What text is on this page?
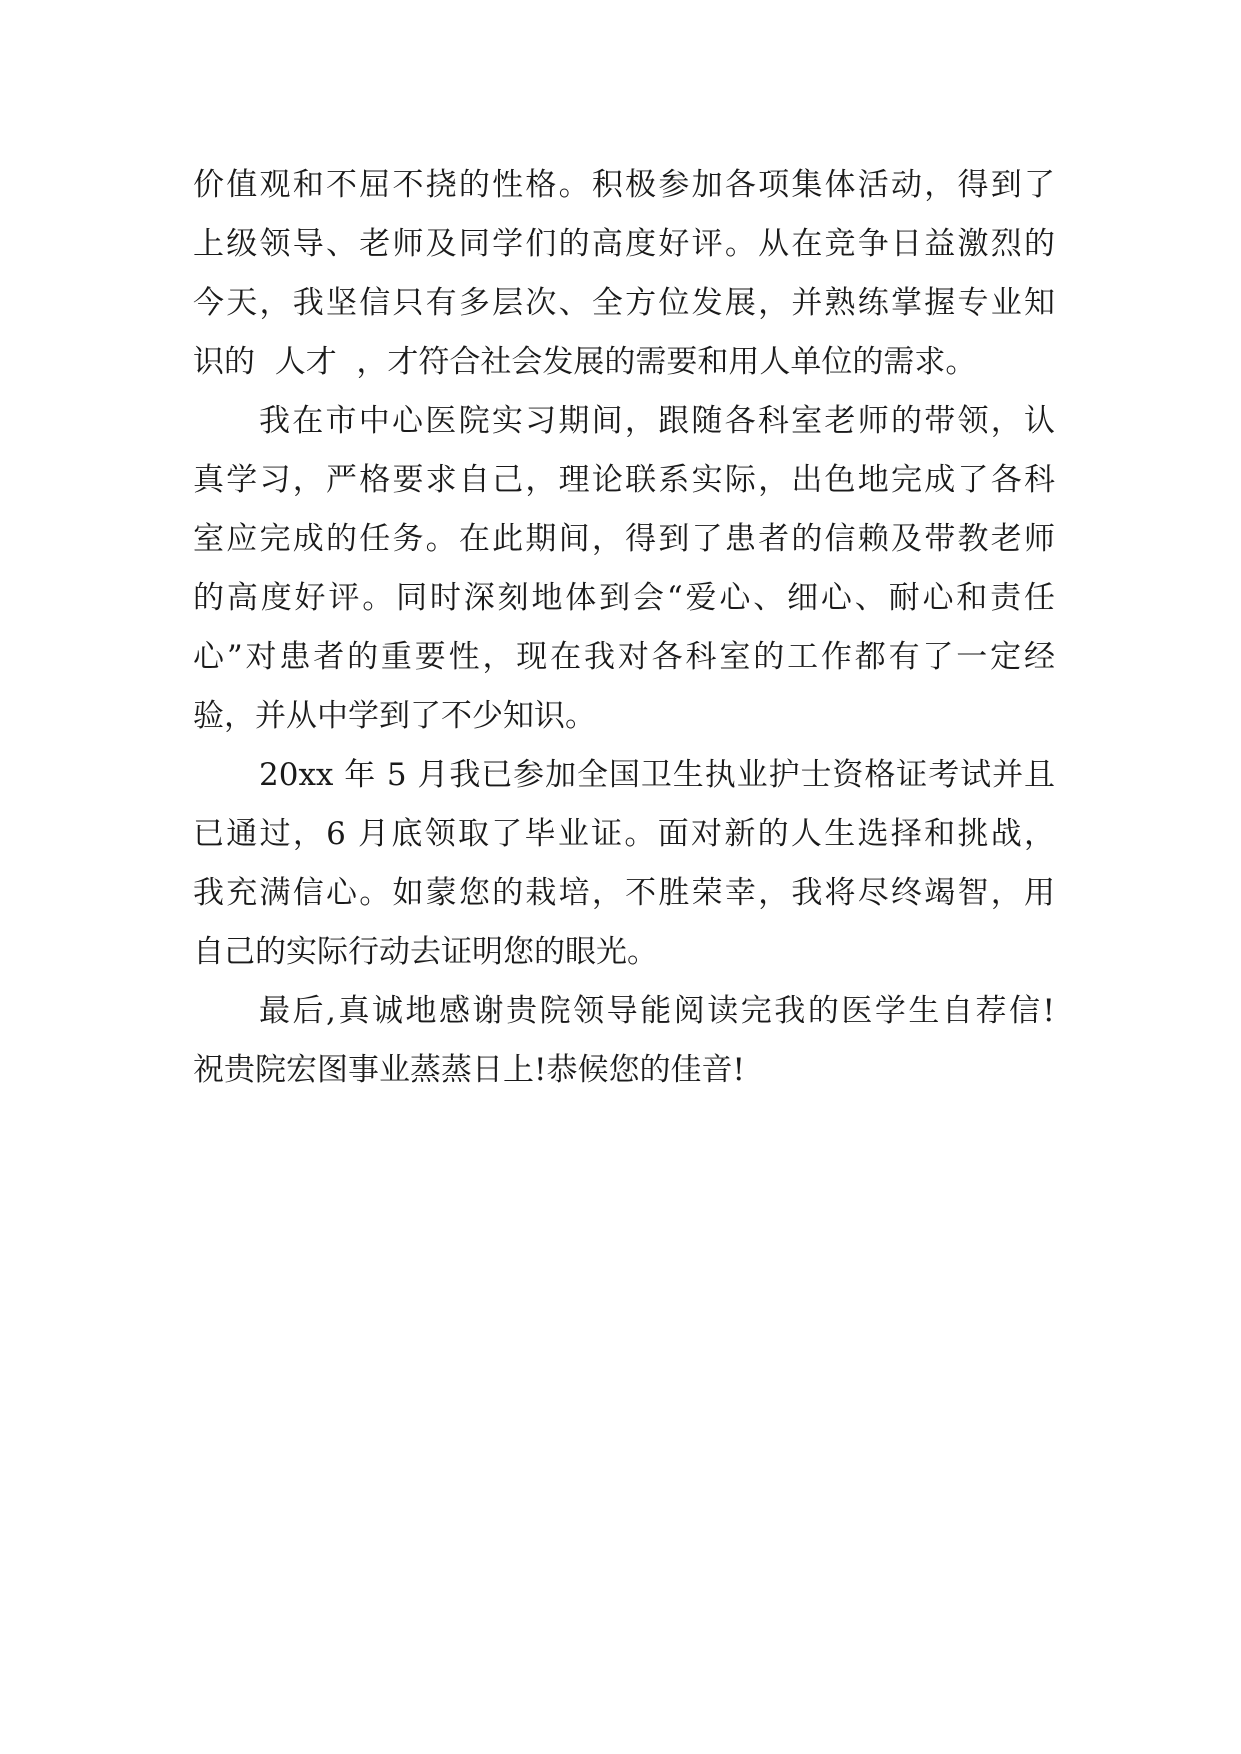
价值观和不屈不挠的性格。积极参加各项集体活动，得到了
上级领导、老师及同学们的高度好评。从在竞争日益激烈的
今天，我坚信只有多层次、全方位发展，并熟练掌握专业知
识的  人才  ，才符合社会发展的需要和用人单位的需求。
我在市中心医院实习期间，跟随各科室老师的带领，认
真学习，严格要求自己，理论联系实际，出色地完成了各科
室应完成的任务。在此期间，得到了患者的信赖及带教老师
的高度好评。同时深刻地体到会“爱心、细心、耐心和责任
心”对患者的重要性，现在我对各科室的工作都有了一定经
验，并从中学到了不少知识。
20xx 年 5 月我已参加全国卫生执业护士资格证考试并且
已通过，6 月底领取了毕业证。面对新的人生选择和挑战，
我充满信心。如蒙您的栽培，不胜荣幸，我将尽终竭智，用
自己的实际行动去证明您的眼光。
最后,真诚地感谢贵院领导能阅读完我的医学生自荐信!
祝贵院宏图事业蒸蒸日上!恭候您的佳音!
